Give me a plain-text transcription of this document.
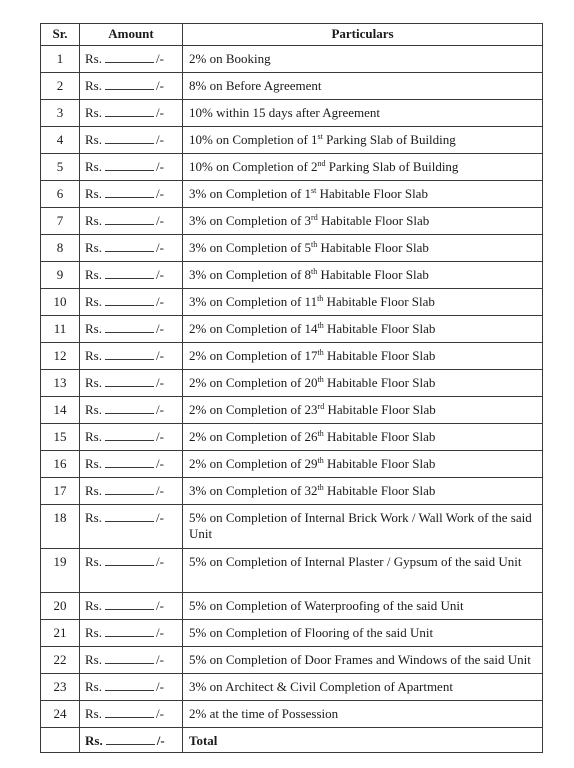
Sr.	Amount	Particulars
1	Rs. /-	2% on Booking
2	Rs. /-	8% on Before Agreement
3	Rs. /-	10% within 15 days after Agreement
4	Rs. /-	10% on Completion of 1st Parking Slab of Building
5	Rs. /-	10% on Completion of 2nd Parking Slab of Building
6	Rs. /-	3% on Completion of 1st Habitable Floor Slab
7	Rs. /-	3% on Completion of 3rd Habitable Floor Slab
8	Rs. /-	3% on Completion of 5th Habitable Floor Slab
9	Rs. /-	3% on Completion of 8th Habitable Floor Slab
10	Rs. /-	3% on Completion of 11th Habitable Floor Slab
11	Rs. /-	2% on Completion of 14th Habitable Floor Slab
12	Rs. /-	2% on Completion of 17th Habitable Floor Slab
13	Rs. /-	2% on Completion of 20th Habitable Floor Slab
14	Rs. /-	2% on Completion of 23rd Habitable Floor Slab
15	Rs. /-	2% on Completion of 26th Habitable Floor Slab
16	Rs. /-	2% on Completion of 29th Habitable Floor Slab
17	Rs. /-	3% on Completion of 32th Habitable Floor Slab
18	Rs. /-	5% on Completion of Internal Brick Work / Wall Work of the said Unit
19	Rs. /-	5% on Completion of Internal Plaster / Gypsum of the said Unit
20	Rs. /-	5% on Completion of Waterproofing of the said Unit
21	Rs. /-	5% on Completion of Flooring of the said Unit
22	Rs. /-	5% on Completion of Door Frames and Windows of the said Unit
23	Rs. /-	3% on Architect & Civil Completion of Apartment
24	Rs. /-	2% at the time of Possession
	Rs. /-	Total
